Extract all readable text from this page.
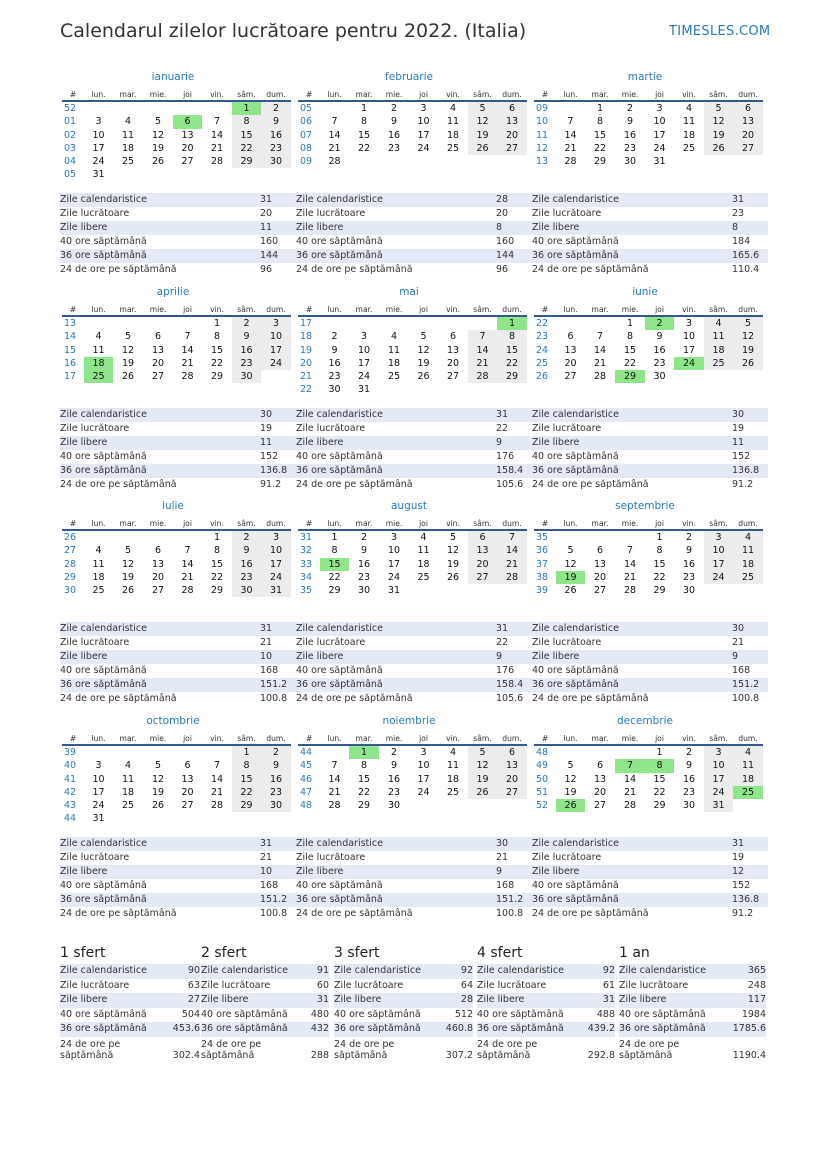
Calendarul zilelor lucrătoare pentru 2022. (Italia)	TIMESLES.COM
ianuarie
#	lun.	mar.	mie.	joi	vin.	sâm.	dum.
52						1	2
01	3	4	5	6	7	8	9
02	10	11	12	13	14	15	16
03	17	18	19	20	21	22	23
04	24	25	26	27	28	29	30
05	31						
Zile calendaristice	31
Zile lucrătoare	20
Zile libere	11
40 ore săptămână	160
36 ore săptămână	144
24 de ore pe săptămână	96
februarie
#	lun.	mar.	mie.	joi	vin.	sâm.	dum.
05		1	2	3	4	5	6
06	7	8	9	10	11	12	13
07	14	15	16	17	18	19	20
08	21	22	23	24	25	26	27
09	28						
Zile calendaristice	28
Zile lucrătoare	20
Zile libere	8
40 ore săptămână	160
36 ore săptămână	144
24 de ore pe săptămână	96
martie
#	lun.	mar.	mie.	joi	vin.	sâm.	dum.
09		1	2	3	4	5	6
10	7	8	9	10	11	12	13
11	14	15	16	17	18	19	20
12	21	22	23	24	25	26	27
13	28	29	30	31			
Zile calendaristice	31
Zile lucrătoare	23
Zile libere	8
40 ore săptămână	184
36 ore săptămână	165.6
24 de ore pe săptămână	110.4
aprilie
#	lun.	mar.	mie.	joi	vin.	sâm.	dum.
13					1	2	3
14	4	5	6	7	8	9	10
15	11	12	13	14	15	16	17
16	18	19	20	21	22	23	24
17	25	26	27	28	29	30	
Zile calendaristice	30
Zile lucrătoare	19
Zile libere	11
40 ore săptămână	152
36 ore săptămână	136.8
24 de ore pe săptămână	91.2
mai
#	lun.	mar.	mie.	joi	vin.	sâm.	dum.
17							1
18	2	3	4	5	6	7	8
19	9	10	11	12	13	14	15
20	16	17	18	19	20	21	22
21	23	24	25	26	27	28	29
22	30	31					
Zile calendaristice	31
Zile lucrătoare	22
Zile libere	9
40 ore săptămână	176
36 ore săptămână	158.4
24 de ore pe săptămână	105.6
iunie
#	lun.	mar.	mie.	joi	vin.	sâm.	dum.
22			1	2	3	4	5
23	6	7	8	9	10	11	12
24	13	14	15	16	17	18	19
25	20	21	22	23	24	25	26
26	27	28	29	30			
Zile calendaristice	30
Zile lucrătoare	19
Zile libere	11
40 ore săptămână	152
36 ore săptămână	136.8
24 de ore pe săptămână	91.2
iulie
#	lun.	mar.	mie.	joi	vin.	sâm.	dum.
26					1	2	3
27	4	5	6	7	8	9	10
28	11	12	13	14	15	16	17
29	18	19	20	21	22	23	24
30	25	26	27	28	29	30	31
Zile calendaristice	31
Zile lucrătoare	21
Zile libere	10
40 ore săptămână	168
36 ore săptămână	151.2
24 de ore pe săptămână	100.8
august
#	lun.	mar.	mie.	joi	vin.	sâm.	dum.
31	1	2	3	4	5	6	7
32	8	9	10	11	12	13	14
33	15	16	17	18	19	20	21
34	22	23	24	25	26	27	28
35	29	30	31				
Zile calendaristice	31
Zile lucrătoare	22
Zile libere	9
40 ore săptămână	176
36 ore săptămână	158.4
24 de ore pe săptămână	105.6
septembrie
#	lun.	mar.	mie.	joi	vin.	sâm.	dum.
35				1	2	3	4
36	5	6	7	8	9	10	11
37	12	13	14	15	16	17	18
38	19	20	21	22	23	24	25
39	26	27	28	29	30		
Zile calendaristice	30
Zile lucrătoare	21
Zile libere	9
40 ore săptămână	168
36 ore săptămână	151.2
24 de ore pe săptămână	100.8
octombrie
#	lun.	mar.	mie.	joi	vin.	sâm.	dum.
39						1	2
40	3	4	5	6	7	8	9
41	10	11	12	13	14	15	16
42	17	18	19	20	21	22	23
43	24	25	26	27	28	29	30
44	31						
Zile calendaristice	31
Zile lucrătoare	21
Zile libere	10
40 ore săptămână	168
36 ore săptămână	151.2
24 de ore pe săptămână	100.8
noiembrie
#	lun.	mar.	mie.	joi	vin.	sâm.	dum.
44		1	2	3	4	5	6
45	7	8	9	10	11	12	13
46	14	15	16	17	18	19	20
47	21	22	23	24	25	26	27
48	28	29	30				
Zile calendaristice	30
Zile lucrătoare	21
Zile libere	9
40 ore săptămână	168
36 ore săptămână	151.2
24 de ore pe săptămână	100.8
decembrie
#	lun.	mar.	mie.	joi	vin.	sâm.	dum.
48				1	2	3	4
49	5	6	7	8	9	10	11
50	12	13	14	15	16	17	18
51	19	20	21	22	23	24	25
52	26	27	28	29	30	31	
Zile calendaristice	31
Zile lucrătoare	19
Zile libere	12
40 ore săptămână	152
36 ore săptămână	136.8
24 de ore pe săptămână	91.2
1 sfert
Zile calendaristice	90
Zile lucrătoare	63
Zile libere	27
40 ore săptămână	504
36 ore săptămână	453.6
24 de ore pe săptămână	302.4
2 sfert
Zile calendaristice	91
Zile lucrătoare	60
Zile libere	31
40 ore săptămână	480
36 ore săptămână	432
24 de ore pe săptămână	288
3 sfert
Zile calendaristice	92
Zile lucrătoare	64
Zile libere	28
40 ore săptămână	512
36 ore săptămână	460.8
24 de ore pe săptămână	307.2
4 sfert
Zile calendaristice	92
Zile lucrătoare	61
Zile libere	31
40 ore săptămână	488
36 ore săptămână	439.2
24 de ore pe săptămână	292.8
1 an
Zile calendaristice	365
Zile lucrătoare	248
Zile libere	117
40 ore săptămână	1984
36 ore săptămână	1785.6
24 de ore pe săptămână	1190.4
